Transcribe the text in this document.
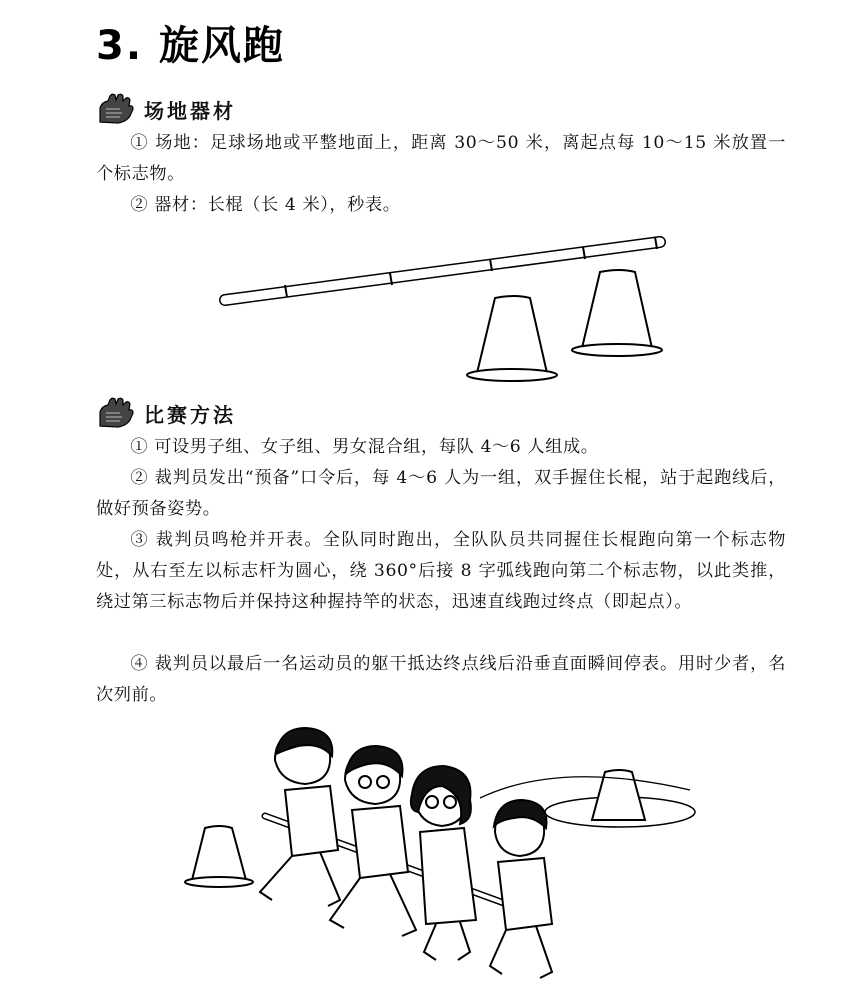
3. 旋风跑
场地器材

① 场地：足球场地或平整地面上，距离 30～50 米，离起点每 10～15 米放置一个标志物。

② 器材：长棍（长 4 米），秒表。

比赛方法

① 可设男子组、女子组、男女混合组，每队 4～6 人组成。

② 裁判员发出“预备”口令后，每 4～6 人为一组，双手握住长棍，站于起跑线后，做好预备姿势。

③ 裁判员鸣枪并开表。全队同时跑出，全队队员共同握住长棍跑向第一个标志物处，从右至左以标志杆为圆心，绕 360°后接 8 字弧线跑向第二个标志物，以此类推，绕过第三标志物后并保持这种握持竿的状态，迅速直线跑过终点（即起点）。

④ 裁判员以最后一名运动员的躯干抵达终点线后沿垂直面瞬间停表。用时少者，名次列前。
